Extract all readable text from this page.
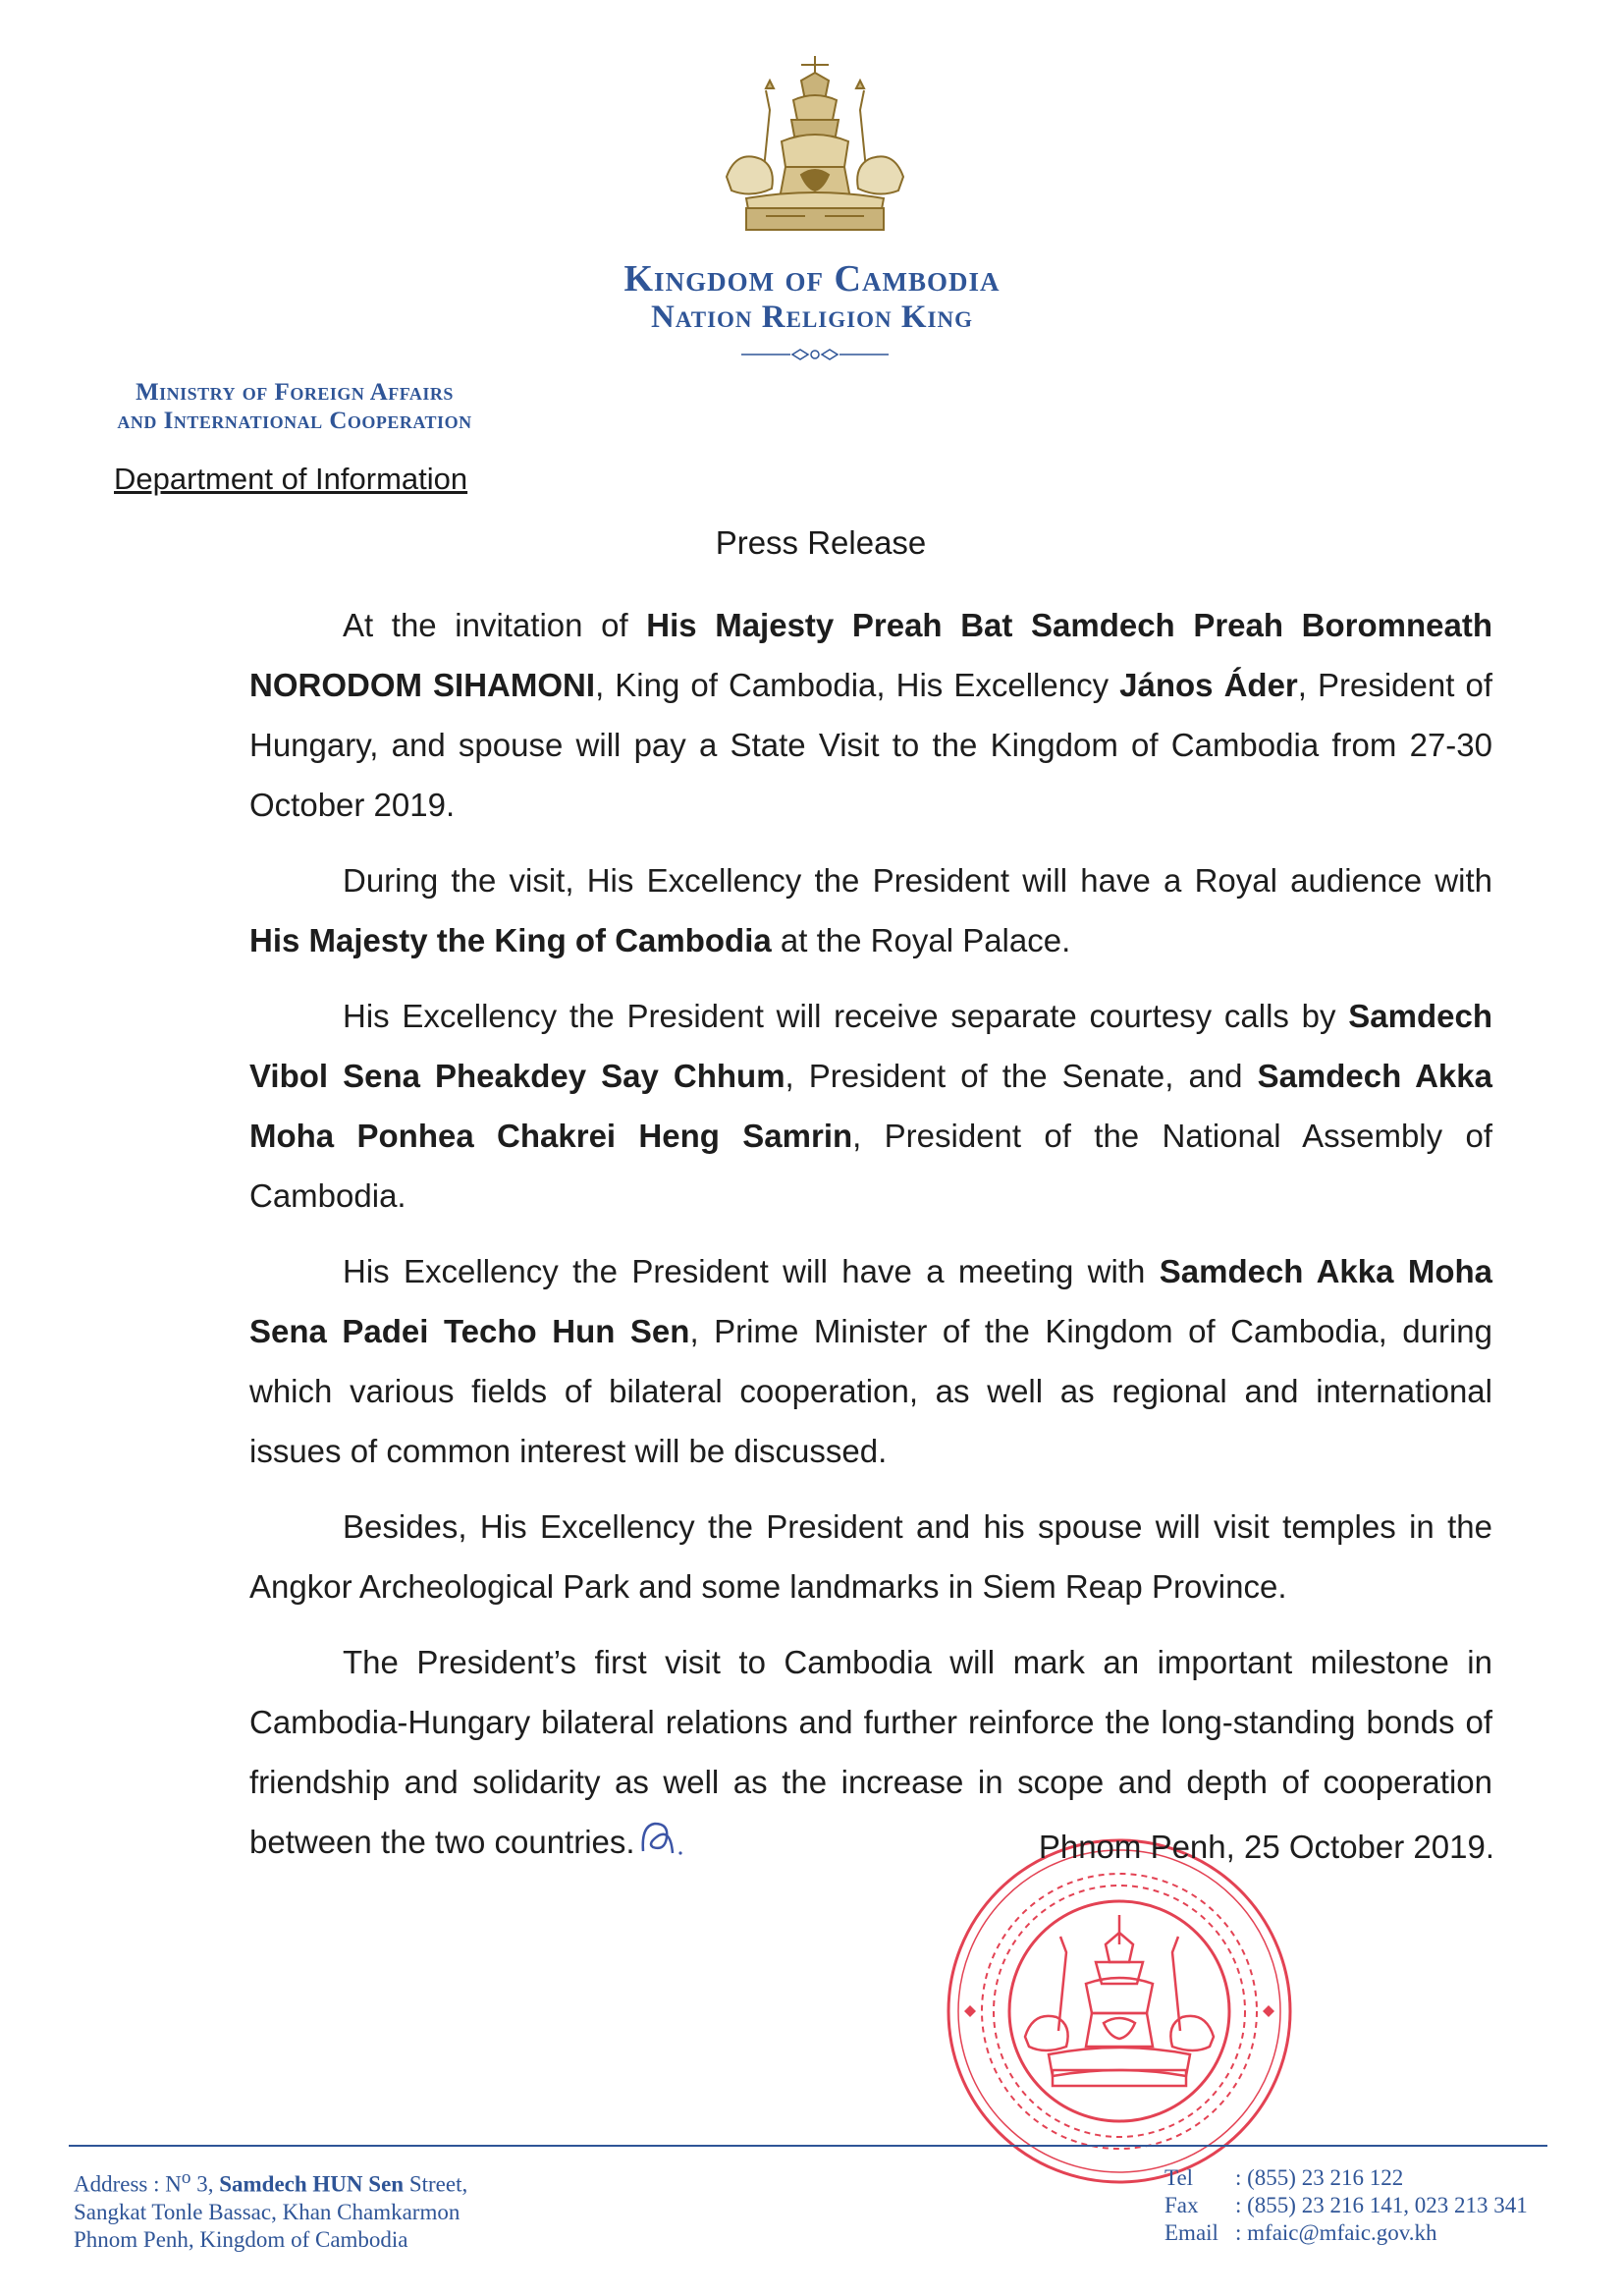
Kingdom of Cambodia
Nation Religion King
Ministry of Foreign Affairs
and International Cooperation
Department of Information
Press Release

At the invitation of His Majesty Preah Bat Samdech Preah Boromneath NORODOM SIHAMONI, King of Cambodia, His Excellency János Áder, President of Hungary, and spouse will pay a State Visit to the Kingdom of Cambodia from 27-30 October 2019.

During the visit, His Excellency the President will have a Royal audience with His Majesty the King of Cambodia at the Royal Palace.

His Excellency the President will receive separate courtesy calls by Samdech Vibol Sena Pheakdey Say Chhum, President of the Senate, and Samdech Akka Moha Ponhea Chakrei Heng Samrin, President of the National Assembly of Cambodia.

His Excellency the President will have a meeting with Samdech Akka Moha Sena Padei Techo Hun Sen, Prime Minister of the Kingdom of Cambodia, during which various fields of bilateral cooperation, as well as regional and international issues of common interest will be discussed.

Besides, His Excellency the President and his spouse will visit temples in the Angkor Archeological Park and some landmarks in Siem Reap Province.

The President’s first visit to Cambodia will mark an important milestone in Cambodia-Hungary bilateral relations and further reinforce the long-standing bonds of friendship and solidarity as well as the increase in scope and depth of cooperation between the two countries.	Phnom Penh, 25 October 2019.
Address : $N^o$ 3, Samdech HUN Sen Street,
Sangkat Tonle Bassac, Khan Chamkarmon
Phnom Penh, Kingdom of Cambodia
Tel	: (855) 23 216 122
Fax	: (855) 23 216 141, 023 213 341
Email : mfaic@mfaic.gov.kh
